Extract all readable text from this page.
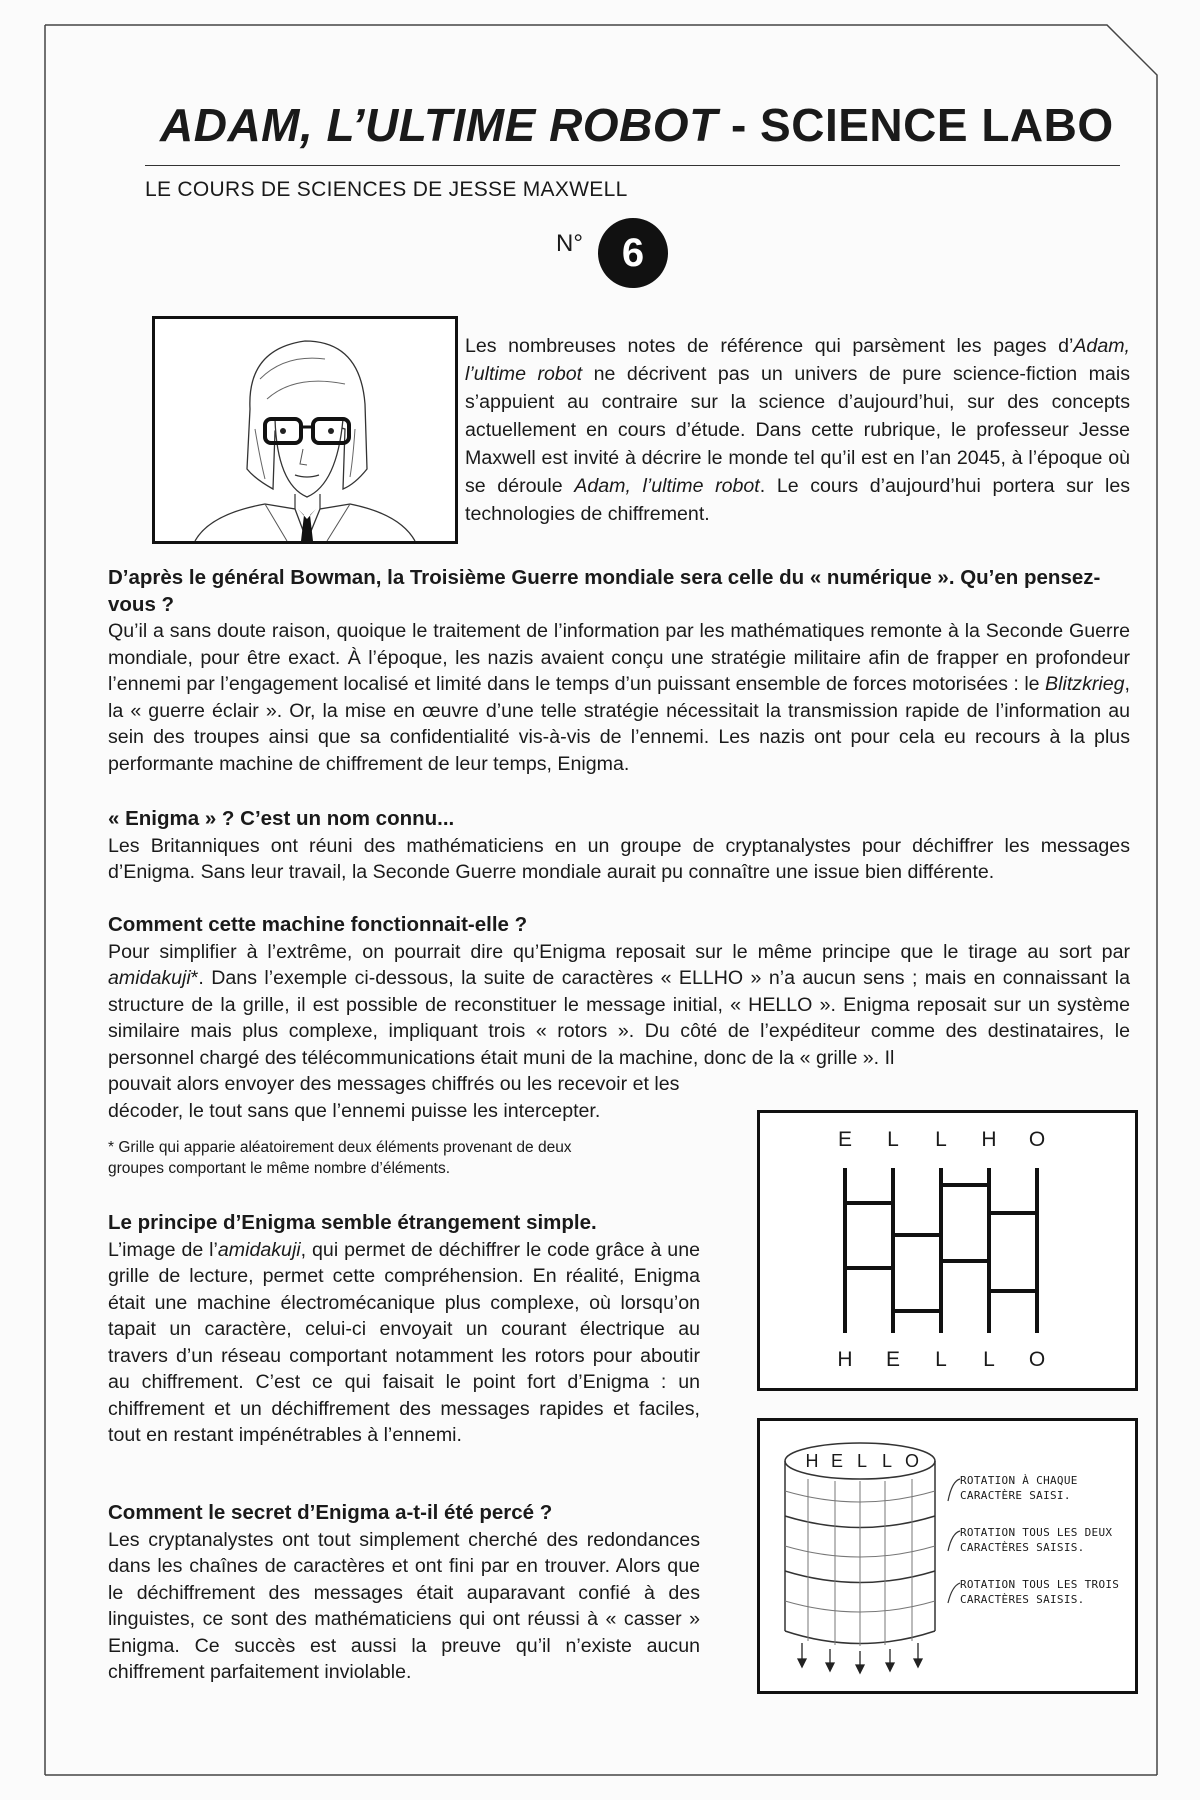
ADAM, L’ULTIME ROBOT - SCIENCE LABO
LE COURS DE SCIENCES DE JESSE MAXWELL
N° 6
Les nombreuses notes de référence qui parsèment les pages d’Adam, l’ultime robot ne décrivent pas un univers de pure science-fiction mais s’appuient au contraire sur la science d’aujourd’hui, sur des concepts actuellement en cours d’étude. Dans cette rubrique, le professeur Jesse Maxwell est invité à décrire le monde tel qu’il est en l’an 2045, à l’époque où se déroule Adam, l’ultime robot. Le cours d’aujourd’hui portera sur les technologies de chiffrement.

D’après le général Bowman, la Troisième Guerre mondiale sera celle du « numérique ». Qu’en pensez-vous ?

Qu’il a sans doute raison, quoique le traitement de l’information par les mathématiques remonte à la Seconde Guerre mondiale, pour être exact. À l’époque, les nazis avaient conçu une stratégie militaire afin de frapper en profondeur l’ennemi par l’engagement localisé et limité dans le temps d’un puissant ensemble de forces motorisées : le Blitzkrieg, la « guerre éclair ». Or, la mise en œuvre d’une telle stratégie nécessitait la transmission rapide de l’information au sein des troupes ainsi que sa confidentialité vis-à-vis de l’ennemi. Les nazis ont pour cela eu recours à la plus performante machine de chiffrement de leur temps, Enigma.

« Enigma » ? C’est un nom connu...

Les Britanniques ont réuni des mathématiciens en un groupe de cryptanalystes pour déchiffrer les messages d’Enigma. Sans leur travail, la Seconde Guerre mondiale aurait pu connaître une issue bien différente.

Comment cette machine fonctionnait-elle ?

Pour simplifier à l’extrême, on pourrait dire qu’Enigma reposait sur le même principe que le tirage au sort par amidakuji*. Dans l’exemple ci-dessous, la suite de caractères « ELLHO » n’a aucun sens ; mais en connaissant la structure de la grille, il est possible de reconstituer le message initial, « HELLO ». Enigma reposait sur un système similaire mais plus complexe, impliquant trois « rotors ». Du côté de l’expéditeur comme des destinataires, le personnel chargé des télécommunications était muni de la machine, donc de la « grille ». Il

pouvait alors envoyer des messages chiffrés ou les recevoir et les décoder, le tout sans que l’ennemi puisse les intercepter.

* Grille qui apparie aléatoirement deux éléments provenant de deux groupes comportant le même nombre d’éléments.

Le principe d’Enigma semble étrangement simple.

L’image de l’amidakuji, qui permet de déchiffrer le code grâce à une grille de lecture, permet cette compréhension. En réalité, Enigma était une machine électromécanique plus complexe, où lorsqu’on tapait un caractère, celui-ci envoyait un courant électrique au travers d’un réseau comportant notamment les rotors pour aboutir au chiffrement. C’est ce qui faisait le point fort d’Enigma : un chiffrement et un déchiffrement des messages rapides et faciles, tout en restant impénétrables à l’ennemi.

Comment le secret d’Enigma a-t-il été percé ?

Les cryptanalystes ont tout simplement cherché des redondances dans les chaînes de caractères et ont fini par en trouver. Alors que le déchiffrement des messages était auparavant confié à des linguistes, ce sont des mathématiciens qui ont réussi à « casser » Enigma. Ce succès est aussi la preuve qu’il n’existe aucun chiffrement parfaitement inviolable.

E	L	L	H	O
H	E	L	L	O
H E L L O
ROTATION À CHAQUE CARACTÈRE SAISI.
ROTATION TOUS LES DEUX CARACTÈRES SAISIS.
ROTATION TOUS LES TROIS CARACTÈRES SAISIS.
